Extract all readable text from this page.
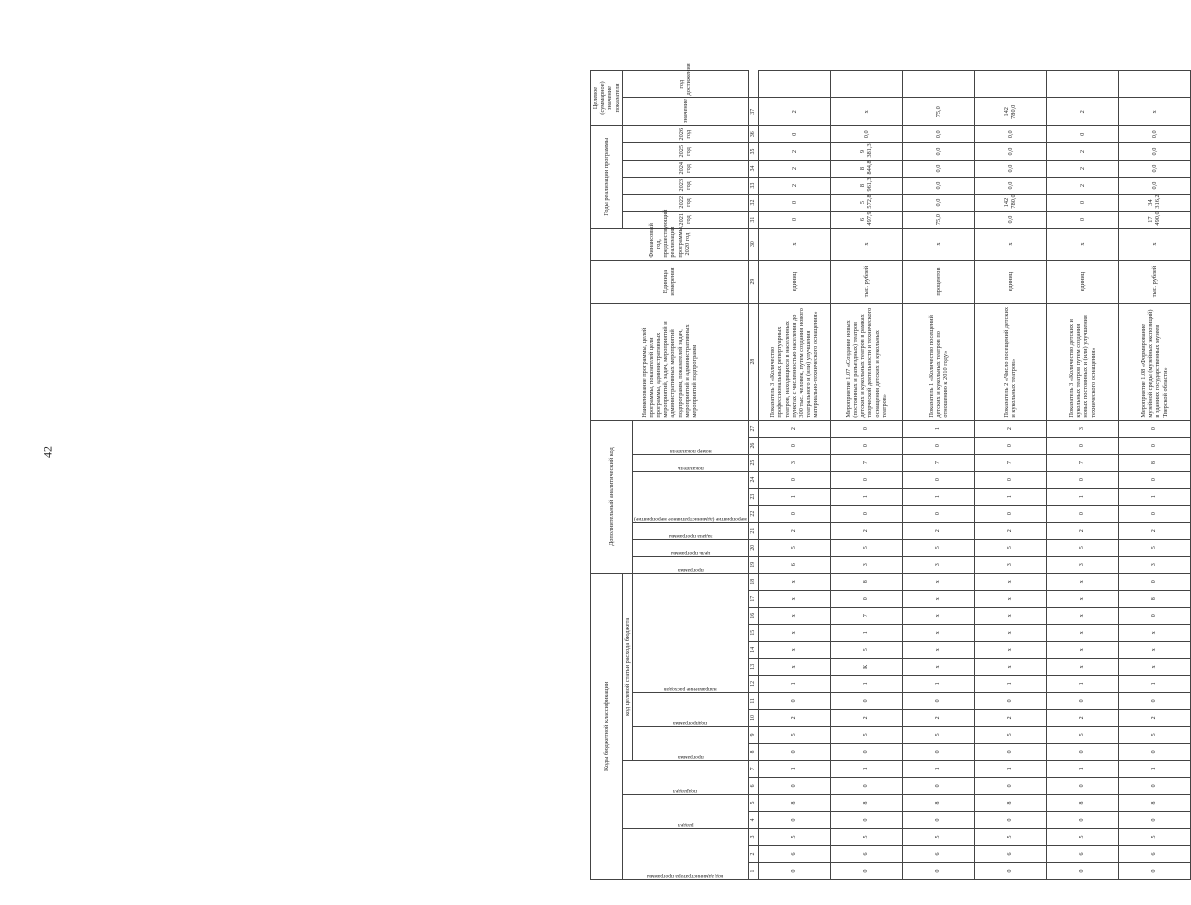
42
Коды бюджетной классификации																		Дополнительный аналитический код									Наименование программы, целей программы, показателей цели программы, административных мероприятий, задач, мероприятий и административных мероприятий подпрограмм, показателей задач, мероприятий и административных мероприятий подпрограмм	Единица измерения	Финансовый год, предшествующий реализации программы, 2020 год	Годы реализации программы						Целевое (суммарное) значение показателя	

код администратора программы			раздел		подраздел		код целевой статьи расхода бюджета																							2021 год	2022 год	2023 год	2024 год	2025 год	2026 год	значение	год достижения

							программа		подпрограмма		направление расходов							программа	цель программы	задача программы	мероприятие (административное мероприятие)			показатель	номер показателя												

1	2	3	4	5	6	7	8	9	10	11	12	13	14	15	16	17	18	19	20	21	22	23	24	25	26	27	28	29	30	31	32	33	34	35	36	37	
0	6	5	0	8	0	1	0	5	2	0	1	x	x	x	x	x	x	6	5	2	0	1	0	3	0	2	Показатель 3 «Количество профессиональных репертуарных театров, находящихся в населенных пунктах с численностью населения до 300 тыс. человек, путем создания нового театрального и (или) улучшения материально-технического оснащения»	единиц	x	0	0	2	2	2	0	2	
0	6	5	0	8	0	1	0	5	2	0	1	К	5	1	7	0	8	3	5	2	0	1	0	7	0	0	Мероприятие 1.07 «Создание новых (постоянных и разъездных) театров детских и кукольных театров в рамках творческой деятельности и технического оснащения детских и кукольных театров»	тыс. рублей	x	6 497,9	5 572,8	8 961,3	8 844,8	9 381,3	0,0	x	
0	6	5	0	8	0	1	0	5	2	0	1	x	x	x	x	x	x	3	5	2	0	1	0	7	0	1	Показатель 1 «Количество посещений детских и кукольных театров по отношению к 2010 году»	процентов	x	75,0	0,0	0,0	0,0	0,0	0,0	75,0	
0	6	5	0	8	0	1	0	5	2	0	1	x	x	x	x	x	x	3	5	2	0	1	0	7	0	2	Показатель 2 «Число посещений детских и кукольных театров»	единиц	x	0,0	142 780,0	0,0	0,0	0,0	0,0	142 780,0	
0	6	5	0	8	0	1	0	5	2	0	1	x	x	x	x	x	x	3	5	2	0	1	0	7	0	3	Показатель 3 «Количество детских и кукольных театров путем создания новых постоянных и (или) улучшения технического оснащения»	единиц	x	0	0	2	2	2	0	2	
0	6	5	0	8	0	1	0	5	2	0	1	x	x	x	0	8	0	3	5	2	0	1	0	8	0	0	Мероприятие 1.08 «Формирование музейной среды (музейных экспозиций) в зданиях государственных музеев Тверской области»	тыс. рублей	x	17 490,0	34 316,2	0,0	0,0	0,0	0,0	x	
